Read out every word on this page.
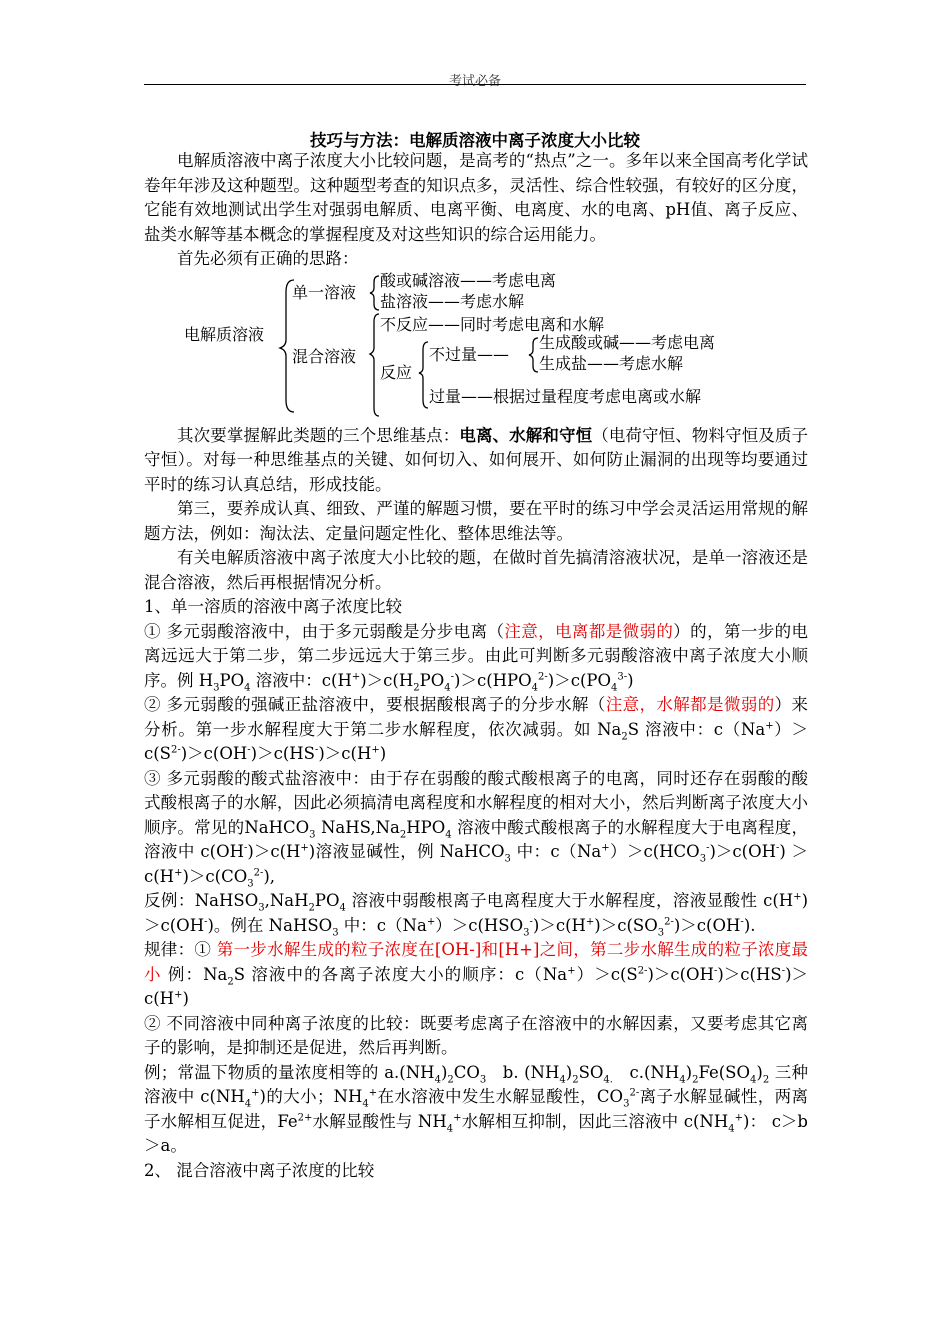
考试必备
技巧与方法：电解质溶液中离子浓度大小比较

电解质溶液中离子浓度大小比较问题，是高考的“热点”之一。多年以来全国高考化学试卷年年涉及这种题型。这种题型考查的知识点多，灵活性、综合性较强，有较好的区分度，它能有效地测试出学生对强弱电解质、电离平衡、电离度、水的电离、pH值、离子反应、盐类水解等基本概念的掌握程度及对这些知识的综合运用能力。

首先必须有正确的思路：

电解质溶液
单一溶液
酸或碱溶液——考虑电离
盐溶液——考虑水解
混合溶液
不反应——同时考虑电离和水解
反应
不过量——
生成酸或碱——考虑电离
生成盐——考虑水解
过量——根据过量程度考虑电离或水解

其次要掌握解此类题的三个思维基点：电离、水解和守恒（电荷守恒、物料守恒及质子守恒）。对每一种思维基点的关键、如何切入、如何展开、如何防止漏洞的出现等均要通过平时的练习认真总结，形成技能。

第三，要养成认真、细致、严谨的解题习惯，要在平时的练习中学会灵活运用常规的解题方法，例如：淘汰法、定量问题定性化、整体思维法等。

有关电解质溶液中离子浓度大小比较的题，在做时首先搞清溶液状况，是单一溶液还是混合溶液，然后再根据情况分析。

1、单一溶质的溶液中离子浓度比较

① 多元弱酸溶液中，由于多元弱酸是分步电离（注意，电离都是微弱的）的，第一步的电离远远大于第二步，第二步远远大于第三步。由此可判断多元弱酸溶液中离子浓度大小顺序。例 $H_3PO_4$ 溶液中：$c(H^+)>c(H_2PO_4^-)>c(HPO_4^{2-})>c(PO_4^{3-})$

② 多元弱酸的强碱正盐溶液中，要根据酸根离子的分步水解（注意，水解都是微弱的）来分析。第一步水解程度大于第二步水解程度，依次减弱。如 $Na_2S$ 溶液中：$c(Na^+)>c(S^{2-})>c(OH^-)>c(HS^-)>c(H^+)$

③ 多元弱酸的酸式盐溶液中：由于存在弱酸的酸式酸根离子的电离，同时还存在弱酸的酸式酸根离子的水解，因此必须搞清电离程度和水解程度的相对大小，然后判断离子浓度大小顺序。常见的NaHCO$_3$ $NaHS,Na_2HPO_4$ 溶液中酸式酸根离子的水解程度大于电离程度，溶液中 c(OH-)＞c(H+)溶液显碱性，例 NaHCO$_3$ 中：$c(Na^+)>c(HCO_3^-)>c(OH^-) >c(H^+)>c(CO_3^{2-})$,
反例：$NaHSO_3,NaH_2PO_4$ 溶液中弱酸根离子电离程度大于水解程度，溶液显酸性 c(H+) ＞c(OH-)。例在 NaHSO$_3$ 中：$c(Na^+)>c(HSO_3^-)>c(H^+)>c(SO_3^{2-})>c(OH^-)$.

规律：① 第一步水解生成的粒子浓度在[OH-]和[H+]之间，第二步水解生成的粒子浓度最小 例：$Na_2S$ 溶液中的各离子浓度大小的顺序：$c(Na^+)>c(S^{2-})>c(OH^-)>c(HS^-)>c(H^+)$

② 不同溶液中同种离子浓度的比较：既要考虑离子在溶液中的水解因素，又要考虑其它离子的影响，是抑制还是促进，然后再判断。

例；常温下物质的量浓度相等的 $a.(NH_4)_2CO_3$   b. $(NH_4)_2SO_{4.}$   $c.(NH_4)_2Fe(SO_4)_2$ 三种溶液中 $c(NH_4^+)$的大小；$NH_4^+$在水溶液中发生水解显酸性，$CO_3^{2-}$离子水解显碱性，两离子水解相互促进，$Fe^{2+}$水解显酸性与 $NH_4^+$水解相互抑制，因此三溶液中 $c(NH_4^+)$： c＞b＞a。

2、 混合溶液中离子浓度的比较
